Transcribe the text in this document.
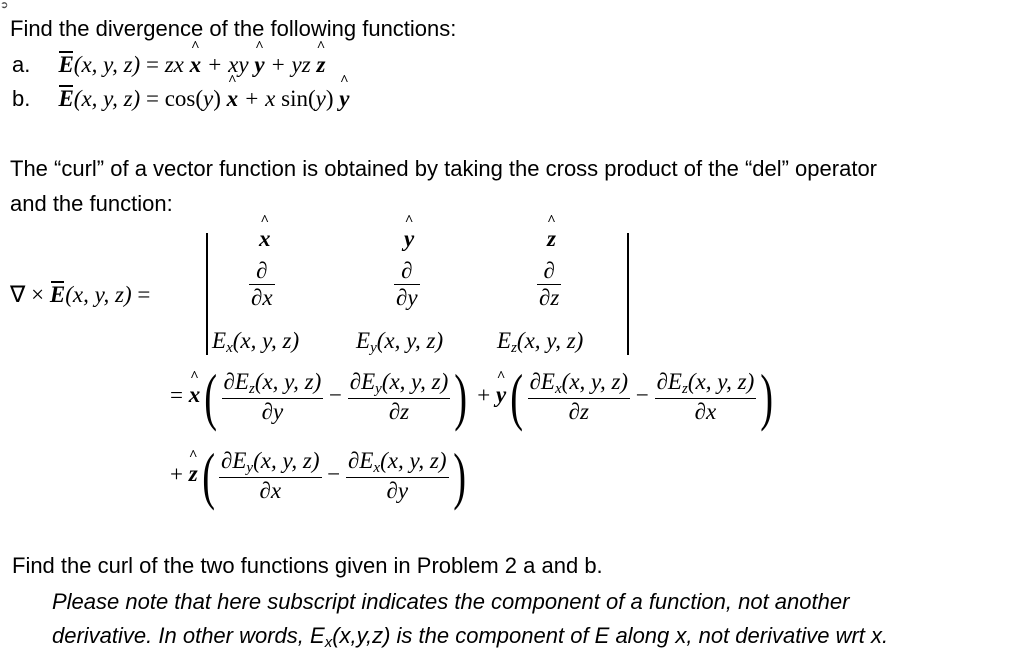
➲
Find the divergence of the following functions:
a. E(x, y, z) = zx ^ x + xy ^ y + yz ^ z
b. E(x, y, z) = cos(y) ^ x + x sin(y) ^ y
The “curl” of a vector function is obtained by taking the cross product of the “del” operator
and the function:
∇ × E(x, y, z) =
^ x	^ y	^ z
$\frac{\partial}{\partial x}$	$\frac{\partial}{\partial y}$	$\frac{\partial}{\partial z}$
$E_x(x$, y, z) $E_y(x$, y, z) $E_z(x$, y, z)
= ^ $x( \frac{\partial E_z(x, y, z)}{\partial y} - \frac{\partial E_y(x, y, z)}{\partial z}$ ) + ^ $y( \frac{\partial E_x(x, y, z)}{\partial z} - \frac{\partial E_z(x, y, z)}{\partial x}$ )
+ ^ $z( \frac{\partial E_y(x, y, z)}{\partial x} - \frac{\partial E_x(x, y, z)}{\partial y}$ )
Find the curl of the two functions given in Problem 2 a and b.
Please note that here subscript indicates the component of a function, not another
derivative. In other words, $E_x(x,y,z)$ is the component of E along x, not derivative wrt x.
